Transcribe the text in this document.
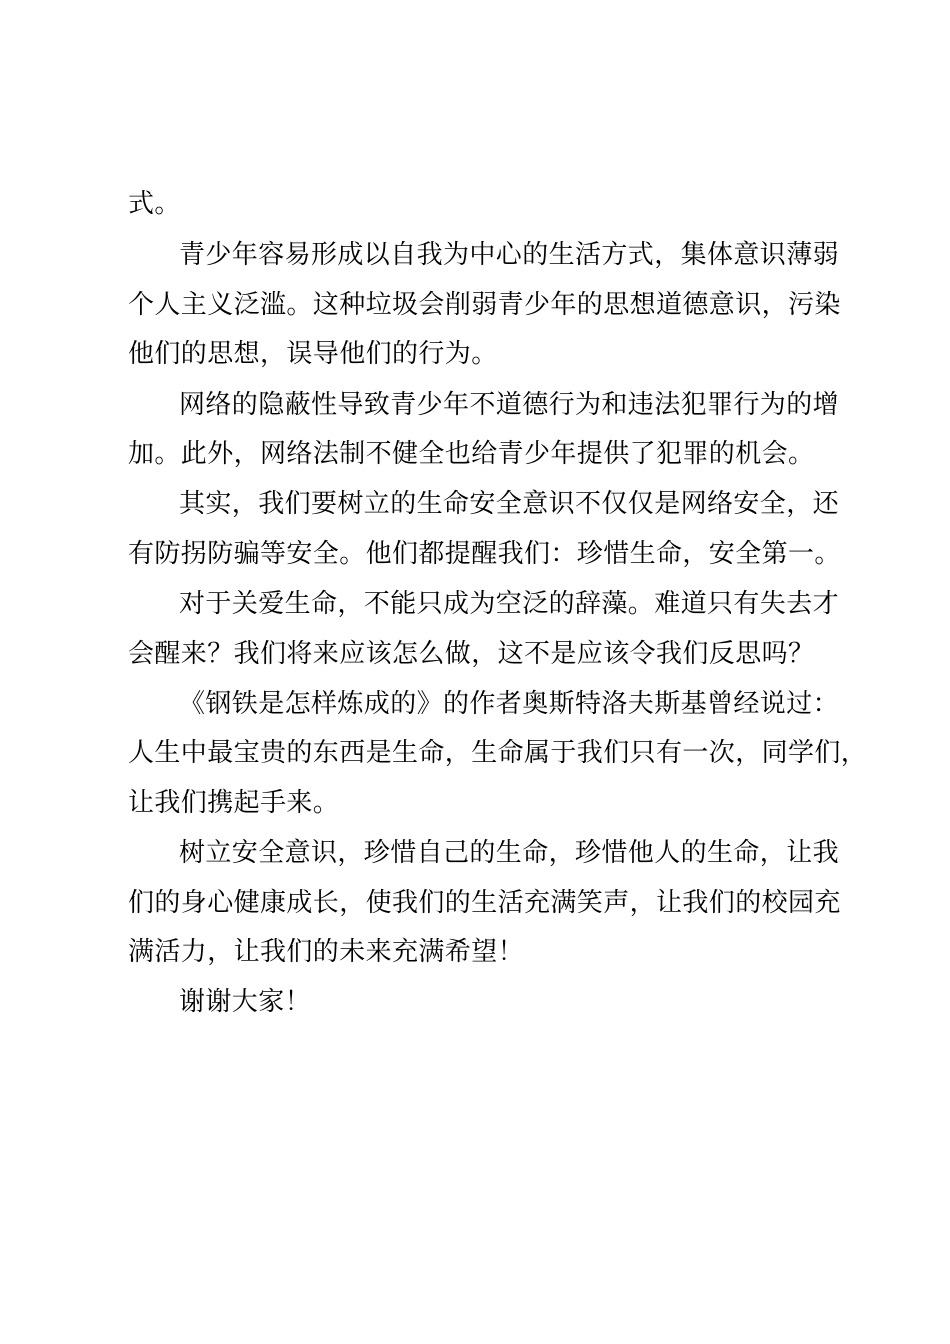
式。

青少年容易形成以自我为中心的生活方式，集体意识薄弱

个人主义泛滥。这种垃圾会削弱青少年的思想道德意识，污染

他们的思想，误导他们的行为。

网络的隐蔽性导致青少年不道德行为和违法犯罪行为的增

加。此外，网络法制不健全也给青少年提供了犯罪的机会。

其实，我们要树立的生命安全意识不仅仅是网络安全，还

有防拐防骗等安全。他们都提醒我们：珍惜生命，安全第一。

对于关爱生命，不能只成为空泛的辞藻。难道只有失去才

会醒来？我们将来应该怎么做，这不是应该令我们反思吗？

《钢铁是怎样炼成的》的作者奥斯特洛夫斯基曾经说过：

人生中最宝贵的东西是生命，生命属于我们只有一次，同学们，

让我们携起手来。

树立安全意识，珍惜自己的生命，珍惜他人的生命，让我

们的身心健康成长，使我们的生活充满笑声，让我们的校园充

满活力，让我们的未来充满希望！

谢谢大家！
